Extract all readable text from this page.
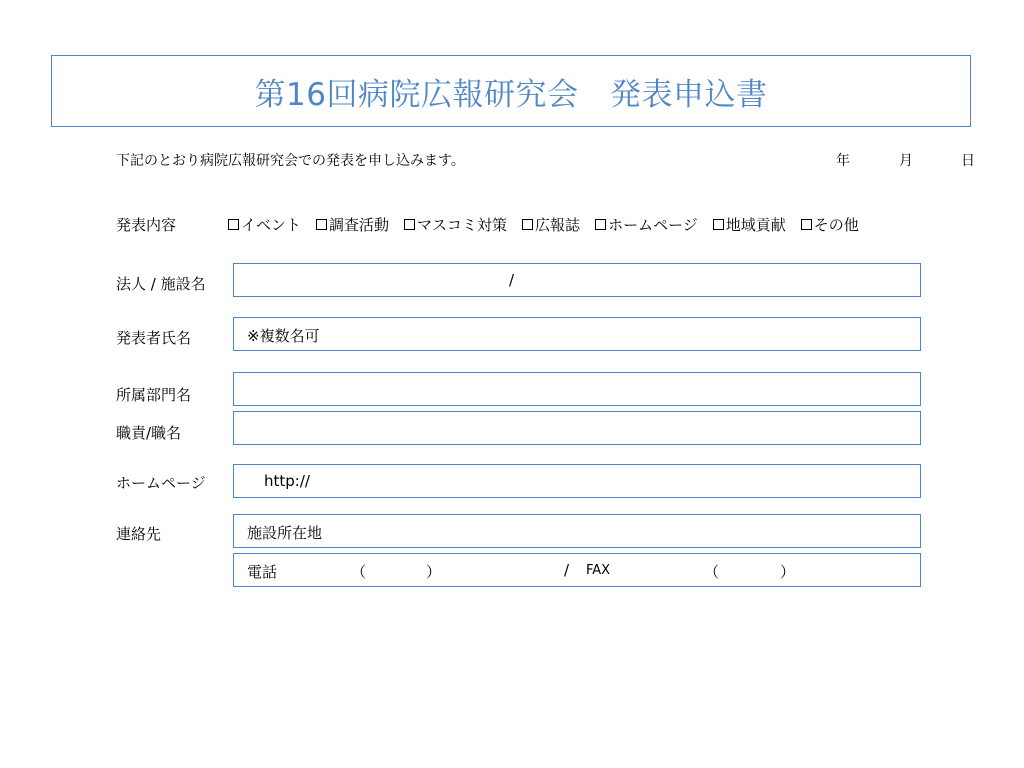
第16回病院広報研究会　発表申込書
下記のとおり病院広報研究会での発表を申し込みます。	年	月	日
発表内容	イベント 調査活動 マスコミ対策 広報誌 ホームページ 地域貢献 その他
法人 / 施設名	/
発表者氏名	※複数名可
所属部門名
職責/職名
ホームページ	http://
連絡先	施設所在地
電話	（	）	/ FAX	（	）
